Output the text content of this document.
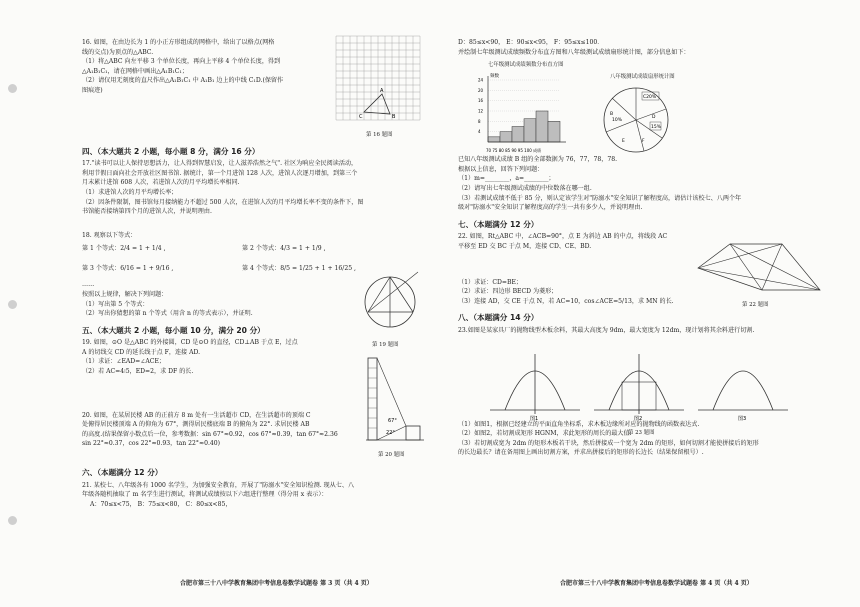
16. 如图，在由边长为 1 的小正方形组成的网格中，给出了以格点(网格

线的交点)为顶点的△ABC.

（1）将△ABC 向左平移 3 个单位长度，再向上平移 4 个单位长度，得到

△A₁B₁C₁，请在网格中画出△A₁B₁C₁；

（2）请仅用无刻度的直尺作出△A₁B₁C₁ 中 A₁B₁ 边上的中线 C₁D.(保留作

图痕迹)

四、（本大题共 2 小题，每小题 8 分，满分 16 分）

17."读书可以让人保持思想活力，让人得到智慧启发，让人滋养浩然之气". 社区为响应全民阅读活动，

利用节假日面向社会开放社区图书馆. 据统计，第一个月进馆 128 人次，进馆人次逐月增加，到第三个

月末累计进馆 608 人次，若进馆人次的月平均增长率相同.

（1）求进馆人次的月平均增长率；

（2）因条件限制，图书馆每月接纳能力不超过 500 人次，在进馆人次的月平均增长率不变的条件下，图

书馆能否接纳第四个月的进馆人次，并说明理由.

18. 观察以下等式：

第 1 个等式：2/4 = 1 + 1/4 ,	第 2 个等式：4/3 = 1 + 1/9 ,
第 3 个等式：6/16 = 1 + 9/16 ,	第 4 个等式：8/5 = 1/25 + 1 + 16/25 ,

……

按照以上规律，解决下列问题：

（1）写出第 5 个等式：

（2）写出你猜想的第 n 个等式（用含 n 的等式表示），并证明.

五、（本大题共 2 小题，每小题 10 分，满分 20 分）

19. 如图，⊙O 是△ABC 的外接圆，CD 是⊙O 的直径，CD⊥AB 于点 E，过点

A 的切线交 CD 的延长线于点 F，连接 AD.

（1）求证：∠EAD=∠ACE；

（2）若 AC=4∶5，ED=2，求 DF 的长.

20. 如图，在某居民楼 AB 的正前方 8 m 处有一生活超市 CD，在生活超市的顶端 C

处俯得居民楼顶端 A 的仰角为 67°，测得居民楼底端 B 的俯角为 22°. 求居民楼 AB

的高度.(结果保留小数点后一位，参考数据：sin 67°≈0.92，cos 67°≈0.39，tan 67°≈2.36

sin 22°≈0.37，cos 22°≈0.93，tan 22°≈0.40)

六、（本题满分 12 分）

21. 某校七、八年级各有 1000 名学生，为加强安全教育，开展了"防溺水"安全知识检测. 现从七、八

年级各随机抽取了 m 名学生进行测试，将测试成绩按以下六组进行整理（得分用 x 表示）：

A：70≤x<75， B：75≤x<80， C：80≤x<85，

A
B
C
第 16 题图
第 19 题图
67°
22°
第 20 题图
合肥市第三十八中学教育集团中考信息卷数学试题卷 第 3 页（共 4 页）

D：85≤x<90， E：90≤x<95， F：95≤x≤100．

并绘制七年级测试成绩频数分布直方图和八年级测试成绩扇形统计图，部分信息如下：

已知八年级测试成绩 B 组的全部数据为 76，77，78，78.

根据以上信息，回答下列问题：

（1）m=________，a=________；

（2）请写出七年级测试成绩的中位数落在哪一组.

（3）若测试成绩不低于 85 分，则认定该学生对"防溺水"安全知识了解程度高，请估计该校七、八两个年

级对"防溺水"安全知识了解程度高的学生一共有多少人，并说明理由.

七、（本题满分 12 分）

22. 如图，Rt△ABC 中，∠ACB=90°，点 E 为斜边 AB 的中点，将线段 AC

平移至 ED 交 BC 于点 M，连接 CD、CE、BD.

（1）求证：CD=BE；

（2）求证：四边形 BECD 为菱形；

（3）连接 AD，交 CE 于点 N，若 AC=10，cos∠ACE=5/13，求 MN 的长.

八、（本题满分 14 分）

23.如图是某家具厂的抛物线型木板余料，其最大高度为 9dm，最大宽度为 12dm，现计划将其余料进行切割.

（1）如图1，根据已经建立的平面直角坐标系，求木板边缘所对应的抛物线的函数表达式.

（2）如图2，若切割成矩形 HGNM，求此矩形的周长的最大值.

（3）若切割成宽为 2dm 的矩形木板若干块，然后拼接成一个宽为 2dm 的矩形，如何切割才能使拼接后的矩形

的长边最长？请在备用图上画出切割方案，并求出拼接后的矩形的长边长（结果保留根号）.

七年级测试成绩频数分布直方图
4
8
12
16
20
24
频数
70 75 80 85 90 95 100 成绩
八年级测试成绩扇形统计图
C20%
D
15%
F
E
B
10%
第 22 题图
图1	图2	图3
第 23 题图
合肥市第三十八中学教育集团中考信息卷数学试题卷 第 4 页（共 4 页）
